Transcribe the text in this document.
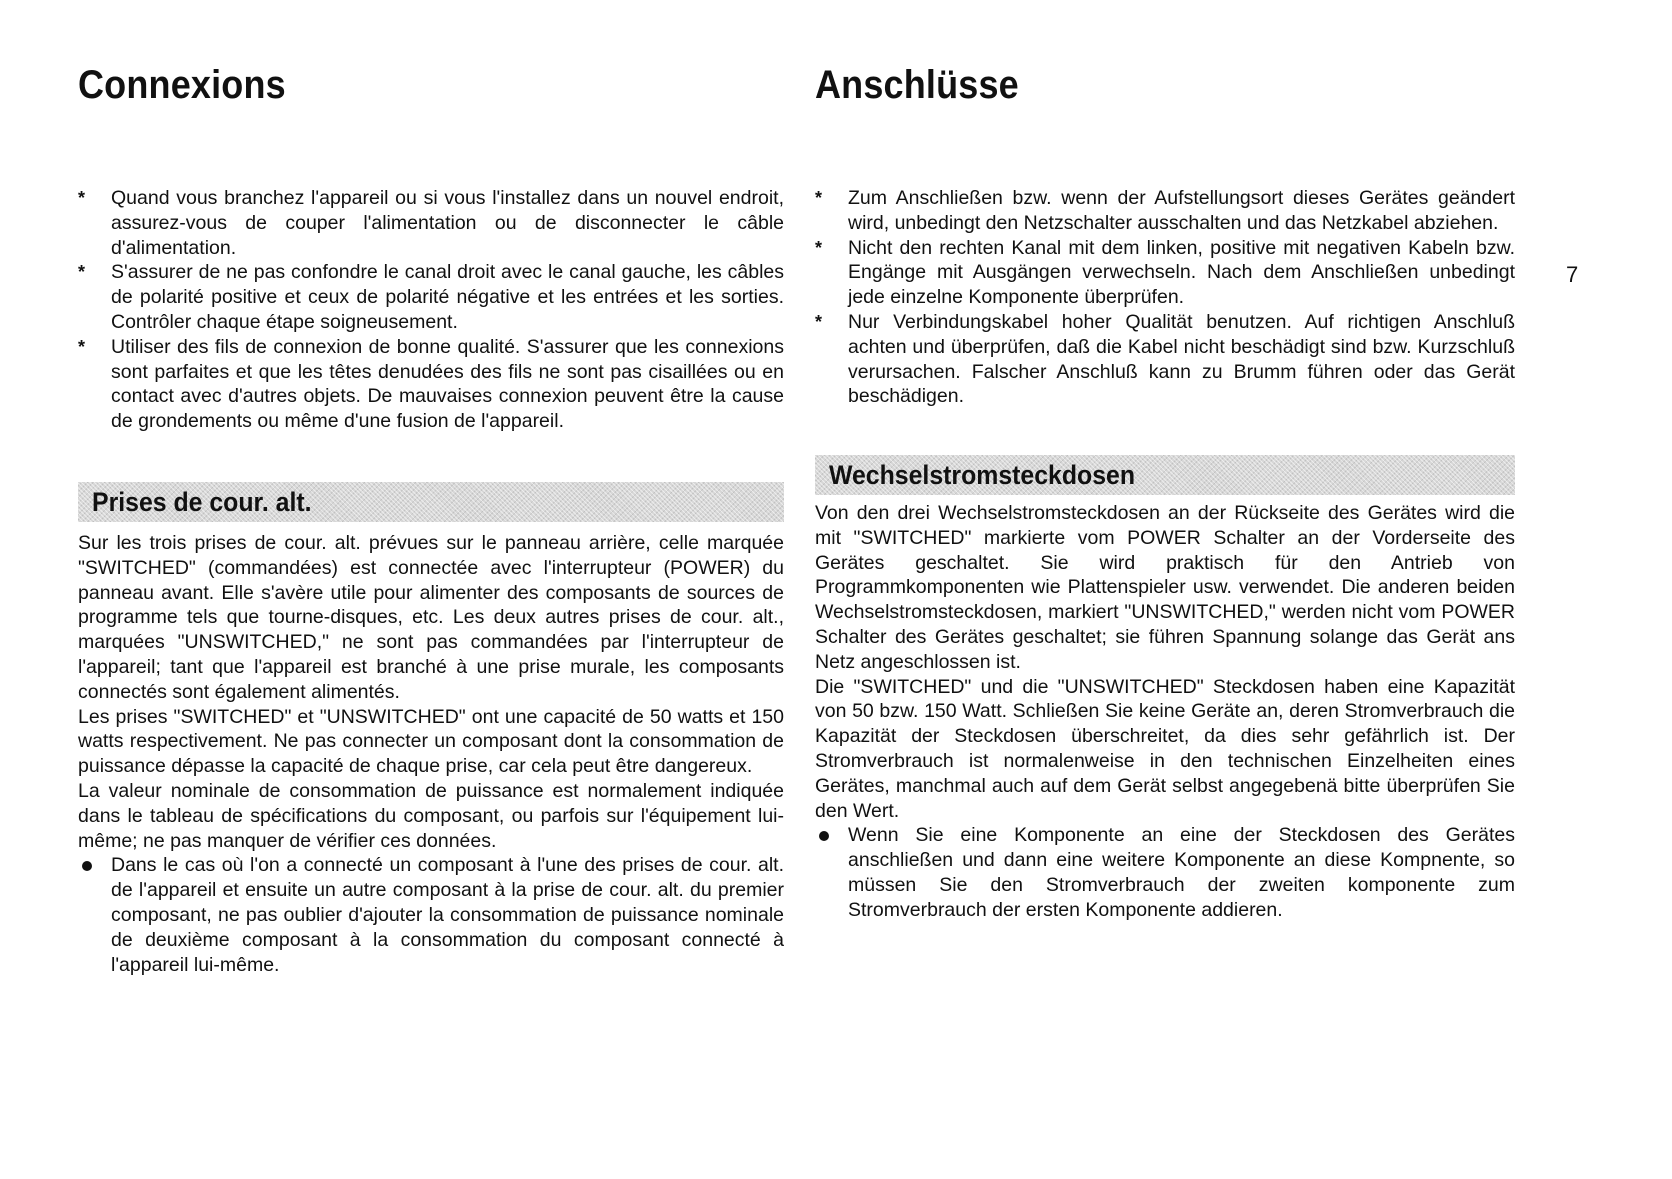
Connexions
*	Quand vous branchez l'appareil ou si vous l'installez dans un nouvel endroit, assurez-vous de couper l'alimentation ou de disconnecter le câble d'alimentation.
*	S'assurer de ne pas confondre le canal droit avec le canal gauche, les câbles de polarité positive et ceux de polarité négative et les entrées et les sorties. Contrôler chaque étape soigneusement.
*	Utiliser des fils de connexion de bonne qualité. S'assurer que les connexions sont parfaites et que les têtes denudées des fils ne sont pas cisaillées ou en contact avec d'autres objets. De mauvaises connexion peuvent être la cause de grondements ou même d'une fusion de l'appareil.
Prises de cour. alt.

Sur les trois prises de cour. alt. prévues sur le panneau arrière, celle marquée "SWITCHED" (commandées) est connectée avec l'interrupteur (POWER) du panneau avant. Elle s'avère utile pour alimenter des composants de sources de programme tels que tourne-disques, etc. Les deux autres prises de cour. alt., marquées "UNSWITCHED," ne sont pas commandées par l'interrupteur de l'appareil; tant que l'appareil est branché à une prise murale, les composants connectés sont également alimentés.

Les prises "SWITCHED" et "UNSWITCHED" ont une capacité de 50 watts et 150 watts respectivement. Ne pas connecter un composant dont la consommation de puissance dépasse la capacité de chaque prise, car cela peut être dangereux.

La valeur nominale de consommation de puissance est normalement indiquée dans le tableau de spécifications du composant, ou parfois sur l'équipement lui-même; ne pas manquer de vérifier ces données.

Dans le cas où l'on a connecté un composant à l'une des prises de cour. alt. de l'appareil et ensuite un autre composant à la prise de cour. alt. du premier composant, ne pas oublier d'ajouter la consommation de puissance nominale de deuxième composant à la consommation du composant connecté à l'appareil lui-même.
Anschlüsse
*	Zum Anschließen bzw. wenn der Aufstellungsort dieses Gerätes geändert wird, unbedingt den Netzschalter ausschalten und das Netzkabel abziehen.
*	Nicht den rechten Kanal mit dem linken, positive mit negativen Kabeln bzw. Engänge mit Ausgängen verwechseln. Nach dem Anschließen unbedingt jede einzelne Komponente überprüfen.
*	Nur Verbindungskabel hoher Qualität benutzen. Auf richtigen Anschluß achten und überprüfen, daß die Kabel nicht beschädigt sind bzw. Kurzschluß verursachen. Falscher Anschluß kann zu Brumm führen oder das Gerät beschädigen.
Wechselstromsteckdosen

Von den drei Wechselstromsteckdosen an der Rückseite des Gerätes wird die mit "SWITCHED" markierte vom POWER Schalter an der Vorderseite des Gerätes geschaltet. Sie wird praktisch für den Antrieb von Programmkomponenten wie Plattenspieler usw. verwendet. Die anderen beiden Wechselstromsteckdosen, markiert "UNSWITCHED," werden nicht vom POWER Schalter des Gerätes geschaltet; sie führen Spannung solange das Gerät ans Netz angeschlossen ist.

Die "SWITCHED" und die "UNSWITCHED" Steckdosen haben eine Kapazität von 50 bzw. 150 Watt. Schließen Sie keine Geräte an, deren Stromverbrauch die Kapazität der Steckdosen überschreitet, da dies sehr gefährlich ist. Der Stromverbrauch ist normalenweise in den technischen Einzelheiten eines Gerätes, manchmal auch auf dem Gerät selbst angegebenä bitte überprüfen Sie den Wert.

Wenn Sie eine Komponente an eine der Steckdosen des Gerätes anschließen und dann eine weitere Komponente an diese Kompnente, so müssen Sie den Stromverbrauch der zweiten komponente zum Stromverbrauch der ersten Komponente addieren.

7
